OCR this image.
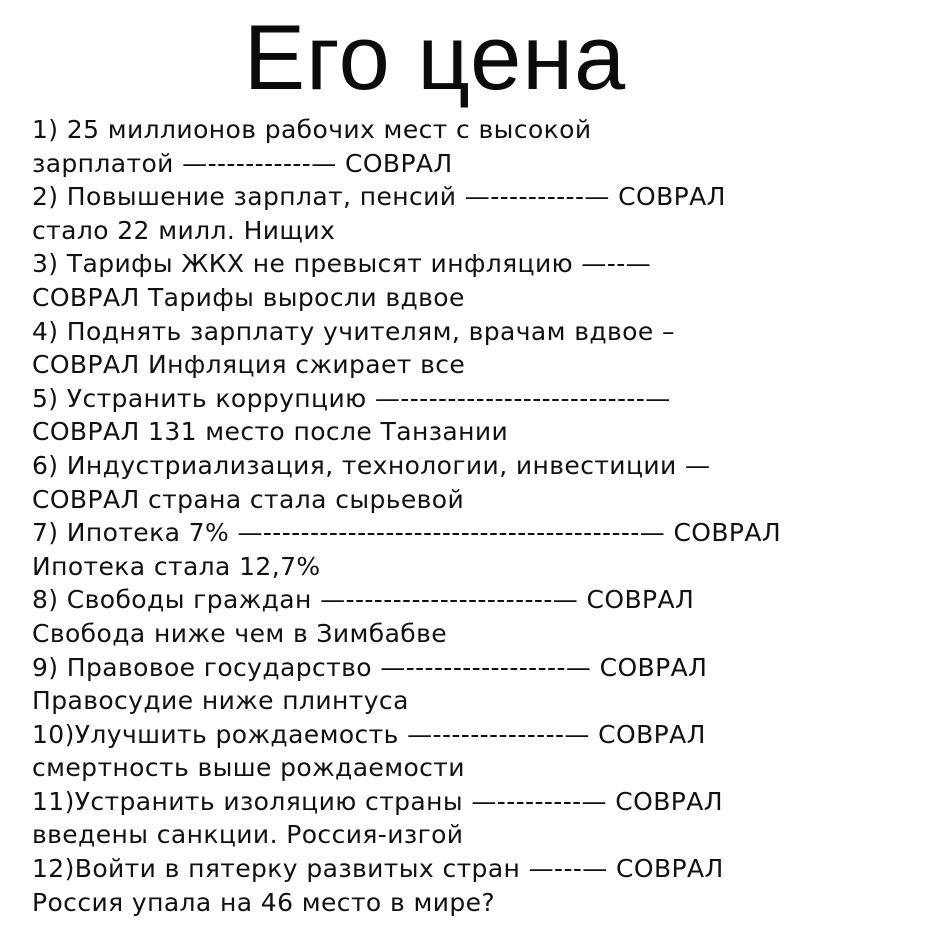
Его цена
1) 25 миллионов рабочих мест с высокой
зарплатой —-----------— СОВРАЛ
2) Повышение зарплат, пенсий —----------— СОВРАЛ
стало 22 милл. Нищих
3) Тарифы ЖКХ не превысят инфляцию —--—
СОВРАЛ Тарифы выросли вдвое
4) Поднять зарплату учителям, врачам вдвое –
СОВРАЛ Инфляция сжирает все
5) Устранить коррупцию —--------------------------—
СОВРАЛ 131 место после Танзании
6) Индустриализация, технологии, инвестиции —
СОВРАЛ страна стала сырьевой
7) Ипотека 7% —----------------------------------------— СОВРАЛ
Ипотека стала 12,7%
8) Свободы граждан —----------------------— СОВРАЛ
Свобода ниже чем в Зимбабве
9) Правовое государство —-----------------— СОВРАЛ
Правосудие ниже плинтуса
10)Улучшить рождаемость —--------------— СОВРАЛ
смертность выше рождаемости
11)Устранить изоляцию страны —---------— СОВРАЛ
введены санкции. Россия-изгой
12)Войти в пятерку развитых стран —---— СОВРАЛ
Россия упала на 46 место в мире?
